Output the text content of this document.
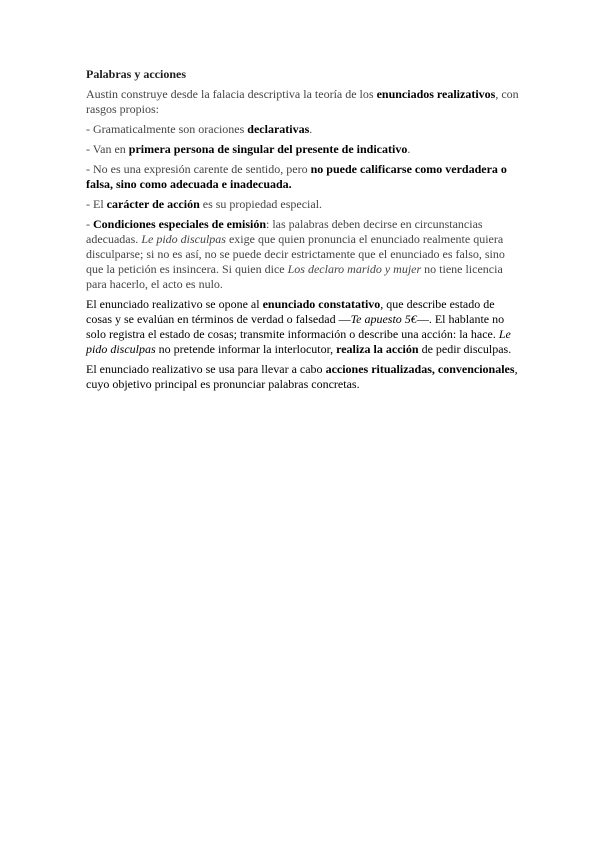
Palabras y acciones

Austin construye desde la falacia descriptiva la teoría de los enunciados realizativos, con rasgos propios:

- Gramaticalmente son oraciones declarativas.

- Van en primera persona de singular del presente de indicativo.

- No es una expresión carente de sentido, pero no puede calificarse como verdadera o falsa, sino como adecuada e inadecuada.

- El carácter de acción es su propiedad especial.

- Condiciones especiales de emisión: las palabras deben decirse en circunstancias adecuadas. Le pido disculpas exige que quien pronuncia el enunciado realmente quiera disculparse; si no es así, no se puede decir estrictamente que el enunciado es falso, sino que la petición es insincera. Si quien dice Los declaro marido y mujer no tiene licencia para hacerlo, el acto es nulo.

El enunciado realizativo se opone al enunciado constatativo, que describe estado de cosas y se evalúan en términos de verdad o falsedad —Te apuesto 5€—. El hablante no solo registra el estado de cosas; transmite información o describe una acción: la hace. Le pido disculpas no pretende informar la interlocutor, realiza la acción de pedir disculpas.

El enunciado realizativo se usa para llevar a cabo acciones ritualizadas, convencionales, cuyo objetivo principal es pronunciar palabras concretas.
